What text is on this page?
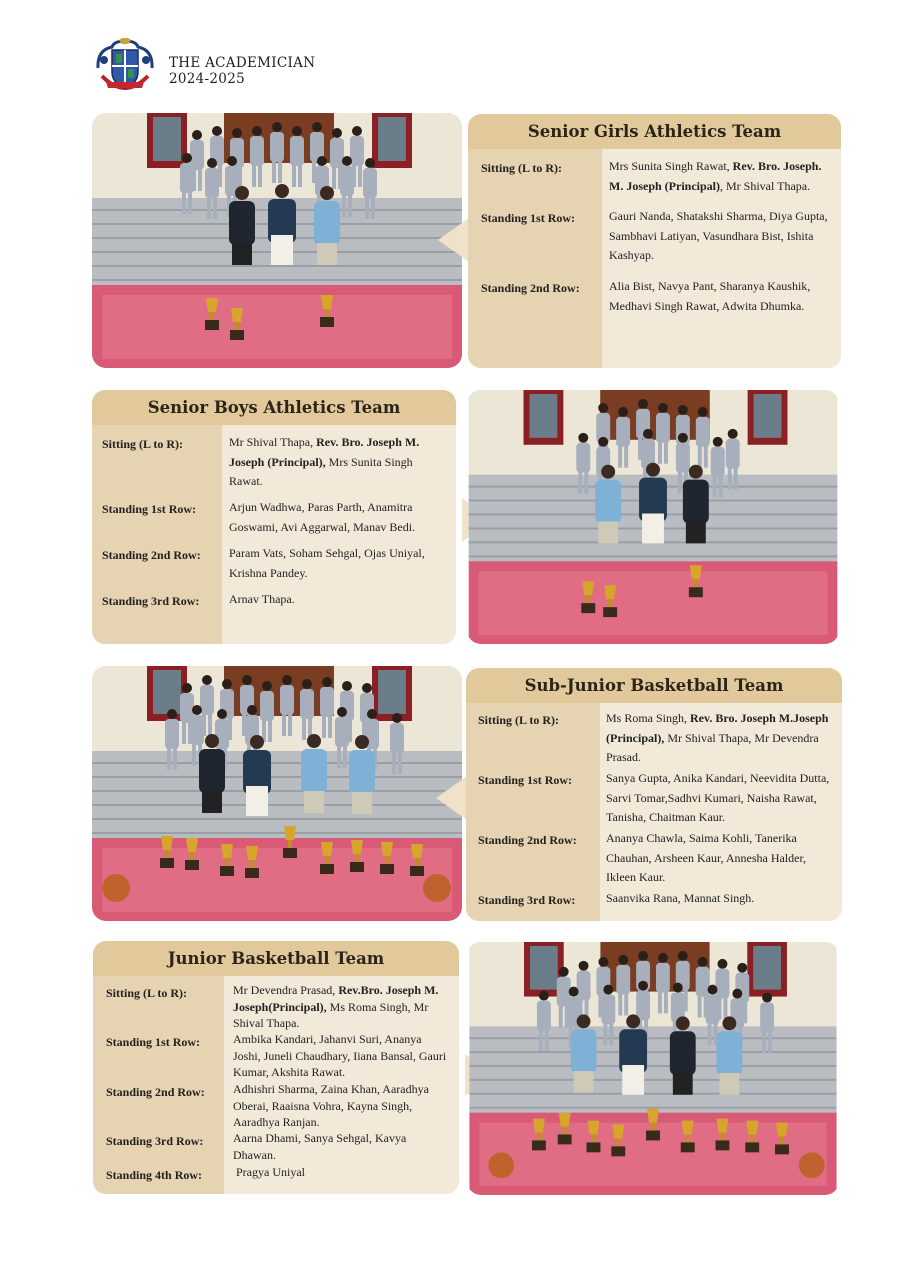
THE ACADEMICIAN
2024-2025
Senior Girls Athletics Team
Sitting (L to R):	Mrs Sunita Singh Rawat, Rev. Bro. Joseph. M. Joseph (Principal), Mr Shival Thapa.
Standing 1st Row:	Gauri Nanda, Shatakshi Sharma, Diya Gupta, Sambhavi Latiyan, Vasundhara Bist, Ishita Kashyap.
Standing 2nd Row: Alia Bist, Navya Pant, Sharanya Kaushik, Medhavi Singh Rawat, Adwita Dhumka.
Senior Boys Athletics Team
Sitting (L to R):	Mr Shival Thapa, Rev. Bro. Joseph M. Joseph (Principal), Mrs Sunita Singh Rawat.
Standing 1st Row:	Arjun Wadhwa, Paras Parth, Anamitra Goswami, Avi Aggarwal, Manav Bedi.
Standing 2nd Row: Param Vats, Soham Sehgal, Ojas Uniyal, Krishna Pandey.
Standing 3rd Row: Arnav Thapa.
Sub-Junior Basketball Team
Sitting (L to R):	Ms Roma Singh, Rev. Bro. Joseph M.Joseph (Principal), Mr Shival Thapa, Mr Devendra Prasad.
Standing 1st Row:	Sanya Gupta, Anika Kandari, Neevidita Dutta, Sarvi Tomar,Sadhvi Kumari, Naisha Rawat, Tanisha, Chaitman Kaur.
Standing 2nd Row: Ananya Chawla, Saima Kohli, Tanerika Chauhan, Arsheen Kaur, Annesha Halder, Ikleen Kaur.
Standing 3rd Row:	Saanvika Rana, Mannat Singh.
Junior Basketball Team
Sitting (L to R):	Mr Devendra Prasad, Rev.Bro. Joseph M. Joseph(Principal), Ms Roma Singh, Mr Shival Thapa.
Standing 1st Row:	Ambika Kandari, Jahanvi Suri, Ananya Joshi, Juneli Chaudhary, Iiana Bansal, Gauri Kumar, Akshita Rawat.
Standing 2nd Row: Adhishri Sharma, Zaina Khan, Aaradhya Oberai, Raaisna Vohra, Kayna Singh, Aaradhya Ranjan.
Standing 3rd Row: Aarna Dhami, Sanya Sehgal, Kavya Dhawan.
Standing 4th Row:	Pragya Uniyal
